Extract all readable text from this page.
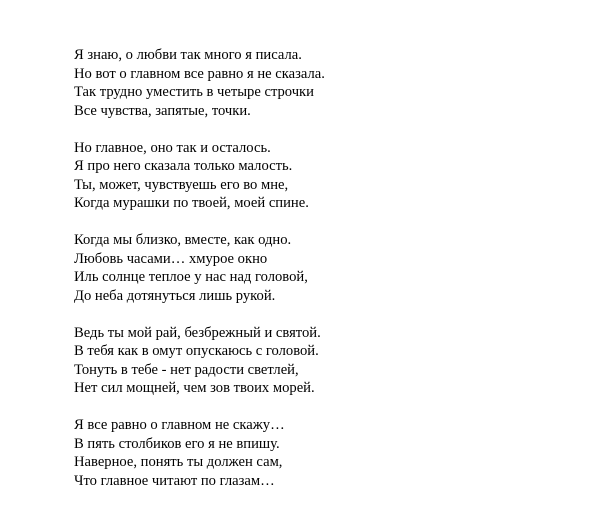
Я знаю, о любви так много я писала.
Но вот о главном все равно я не сказала.
Так трудно уместить в четыре строчки
Все чувства, запятые, точки.
Но главное, оно так и осталось.
Я про него сказала только малость.
Ты, может, чувствуешь его во мне,
Когда мурашки по твоей, моей спине.
Когда мы близко, вместе, как одно.
Любовь часами… хмурое окно
Иль солнце теплое у нас над головой,
До неба дотянуться лишь рукой.
Ведь ты мой рай, безбрежный и святой.
В тебя как в омут опускаюсь с головой.
Тонуть в тебе - нет радости светлей,
Нет сил мощней, чем зов твоих морей.
Я все равно о главном не скажу…
В пять столбиков его я не впишу.
Наверное, понять ты должен сам,
Что главное читают по глазам…
